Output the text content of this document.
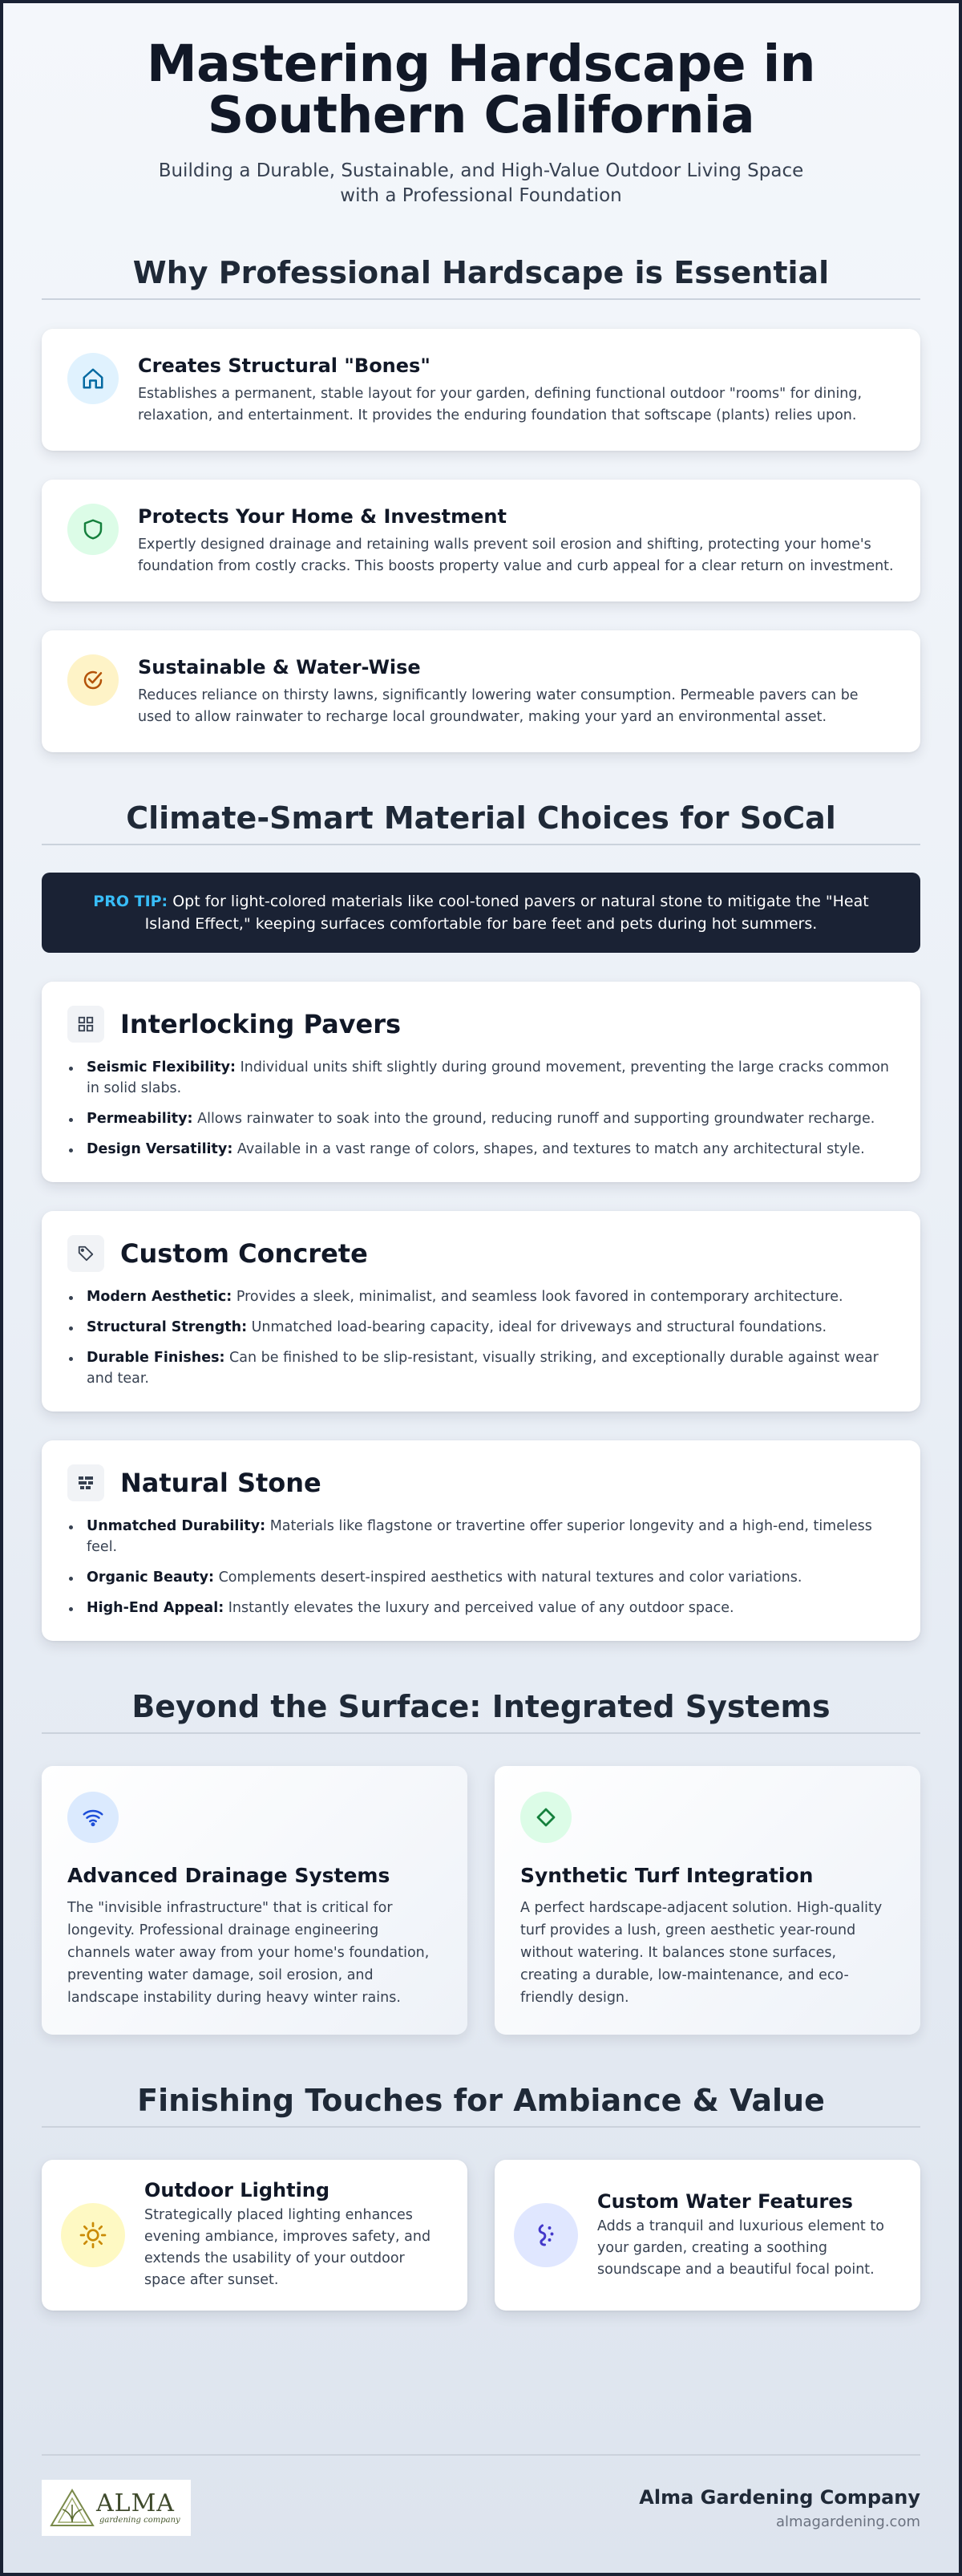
Mastering Hardscape in Southern California

Building a Durable, Sustainable, and High-Value Outdoor Living Space with a Professional Foundation

Why Professional Hardscape is Essential
Creates Structural "Bones"
Establishes a permanent, stable layout for your garden, defining functional outdoor "rooms" for dining, relaxation, and entertainment. It provides the enduring foundation that softscape (plants) relies upon.
Protects Your Home & Investment
Expertly designed drainage and retaining walls prevent soil erosion and shifting, protecting your home's foundation from costly cracks. This boosts property value and curb appeal for a clear return on investment.
Sustainable & Water-Wise
Reduces reliance on thirsty lawns, significantly lowering water consumption. Permeable pavers can be used to allow rainwater to recharge local groundwater, making your yard an environmental asset.
Climate-Smart Material Choices for SoCal
PRO TIP: Opt for light-colored materials like cool-toned pavers or natural stone to mitigate the "Heat Island Effect," keeping surfaces comfortable for bare feet and pets during hot summers.
Interlocking Pavers
Seismic Flexibility: Individual units shift slightly during ground movement, preventing the large cracks common in solid slabs.
Permeability: Allows rainwater to soak into the ground, reducing runoff and supporting groundwater recharge.
Design Versatility: Available in a vast range of colors, shapes, and textures to match any architectural style.
Custom Concrete
Modern Aesthetic: Provides a sleek, minimalist, and seamless look favored in contemporary architecture.
Structural Strength: Unmatched load-bearing capacity, ideal for driveways and structural foundations.
Durable Finishes: Can be finished to be slip-resistant, visually striking, and exceptionally durable against wear and tear.
Natural Stone
Unmatched Durability: Materials like flagstone or travertine offer superior longevity and a high-end, timeless feel.
Organic Beauty: Complements desert-inspired aesthetics with natural textures and color variations.
High-End Appeal: Instantly elevates the luxury and perceived value of any outdoor space.
Beyond the Surface: Integrated Systems
Advanced Drainage Systems
The "invisible infrastructure" that is critical for longevity. Professional drainage engineering channels water away from your home's foundation, preventing water damage, soil erosion, and landscape instability during heavy winter rains.
Synthetic Turf Integration
A perfect hardscape-adjacent solution. High-quality turf provides a lush, green aesthetic year-round without watering. It balances stone surfaces, creating a durable, low-maintenance, and eco-friendly design.
Finishing Touches for Ambiance & Value
Outdoor Lighting
Strategically placed lighting enhances evening ambiance, improves safety, and extends the usability of your outdoor space after sunset.
Custom Water Features
Adds a tranquil and luxurious element to your garden, creating a soothing soundscape and a beautiful focal point.
ALMA
gardening company
Alma Gardening Company
almagardening.com
